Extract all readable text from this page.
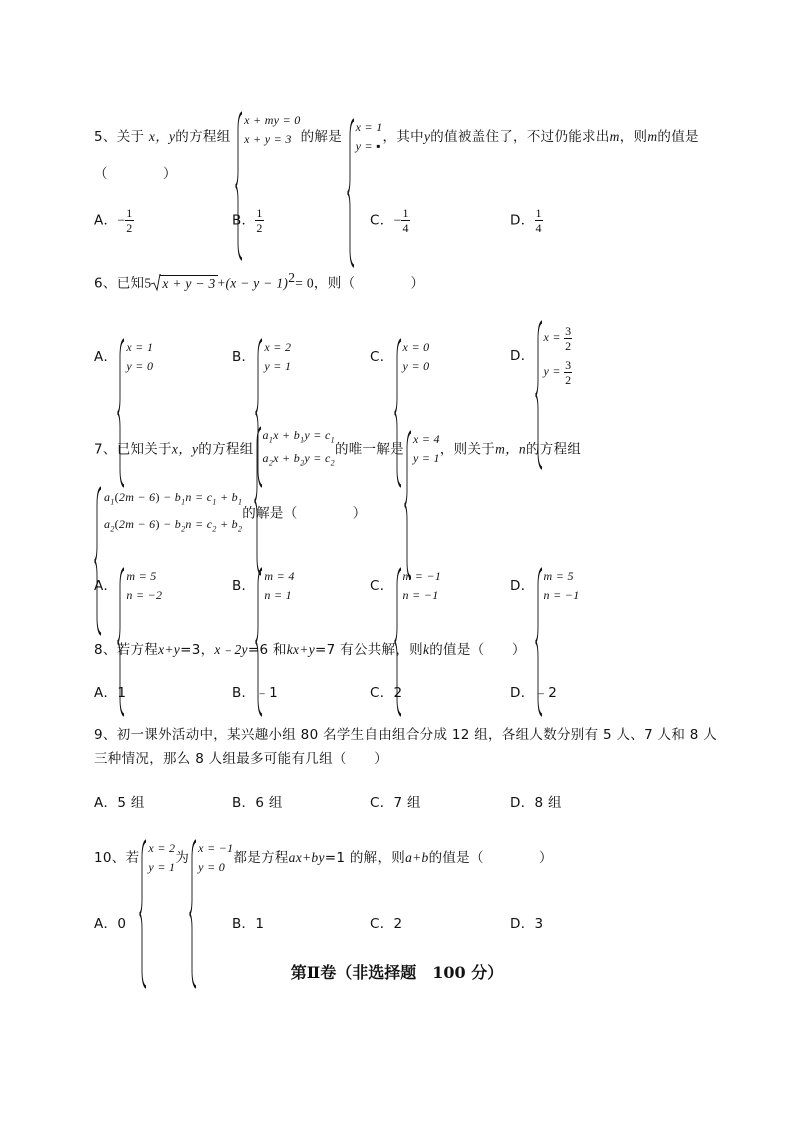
5、关于 x，y的方程组
x + my = 0
x + y = 3 的解是
x = 1
y = ▪
，其中y的值被盖住了，不过仍能求出m，则m的值是
（　　　　）
A．− $\frac{1}{2}$	B． $\frac{1}{2}$	C．− $\frac{1}{4}$	D． $\frac{1}{4}$
6、已知5 $x + y - 3 +(x - y - 1)^2= 0$，则（　　　　）
A．
x = 1
y = 0
B．
x = 2
y = 1
C．
x = 0
y = 0
D．
$x = \frac{3}{2}$
$y = \frac{3}{2}$
7、已知关于x，y的方程组
$a_1x + b_1y = c_1$
$a_2x + b_2y = c_2$
的唯一解是
x = 4
y = 1
，则关于m，n的方程组
$a_1(2m - 6) - b_1n = c_1 + b_1$
$a_2(2m - 6) - b_2n = c_2 + b_2$
的解是（　　　　）
A．
m = 5
n = −2
B．
m = 4
n = 1
C．
m = −1
n = −1
D．
m = 5
n = −1
8、若方程x+y=3，x﹣2y=6 和kx+y=7 有公共解，则k的值是（　　）
A．1	B．﹣1	C．2	D．﹣2
9、初一课外活动中，某兴趣小组 80 名学生自由组合分成 12 组，各组人数分别有 5 人、7 人和 8 人
三种情况，那么 8 人组最多可能有几组（　　）
A．5 组	B．6 组	C．7 组	D．8 组
10、若
x = 2
y = 1
为
x = −1
y = 0
都是方程ax+by=1 的解，则a+b的值是（　　　　）
A．0	B．1	C．2	D．3
第Ⅱ卷（非选择题　100 分）
